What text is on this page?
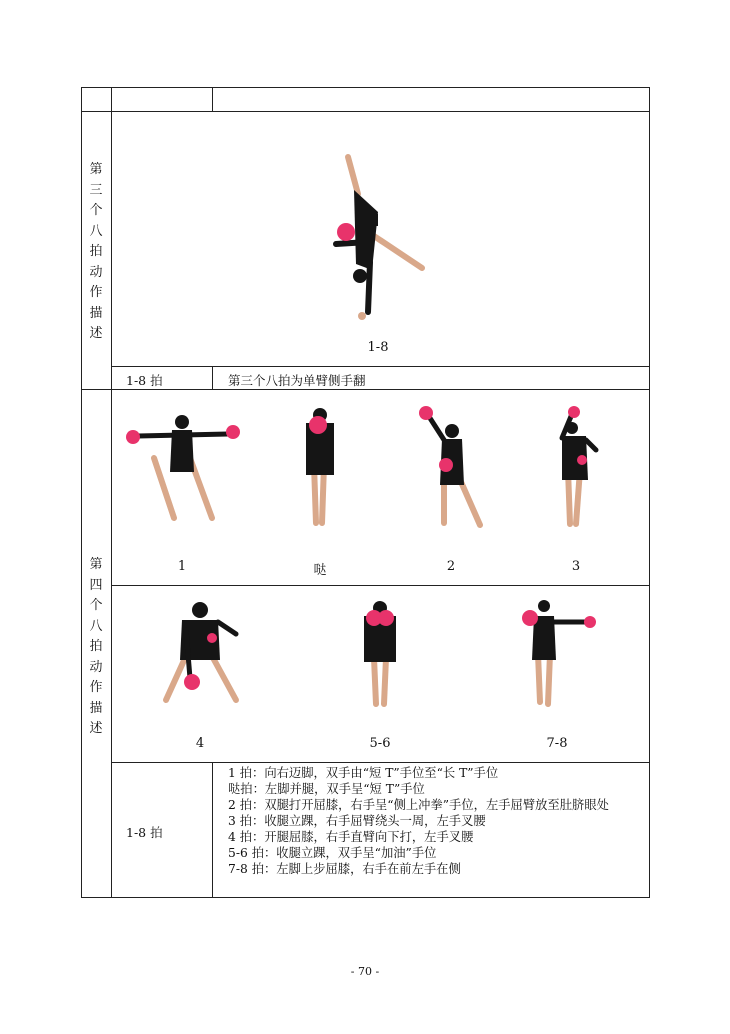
第
三
个
八
拍
动
作
描
述
第
四
个
八
拍
动
作
描
述
1-8
1-8 拍	第三个八拍为单臂侧手翻
1	哒	2	3
4	5-6	7-8
1-8 拍
1 拍：向右迈脚，双手由“短 T”手位至“长 T”手位
哒拍：左脚并腿，双手呈“短 T”手位
2 拍：双腿打开屈膝，右手呈“侧上冲拳”手位，左手屈臂放至肚脐眼处
3 拍：收腿立踝，右手屈臂绕头一周，左手叉腰
4 拍：开腿屈膝，右手直臂向下打，左手叉腰
5-6 拍：收腿立踝，双手呈“加油”手位
7-8 拍：左脚上步屈膝，右手在前左手在侧
- 70 -
